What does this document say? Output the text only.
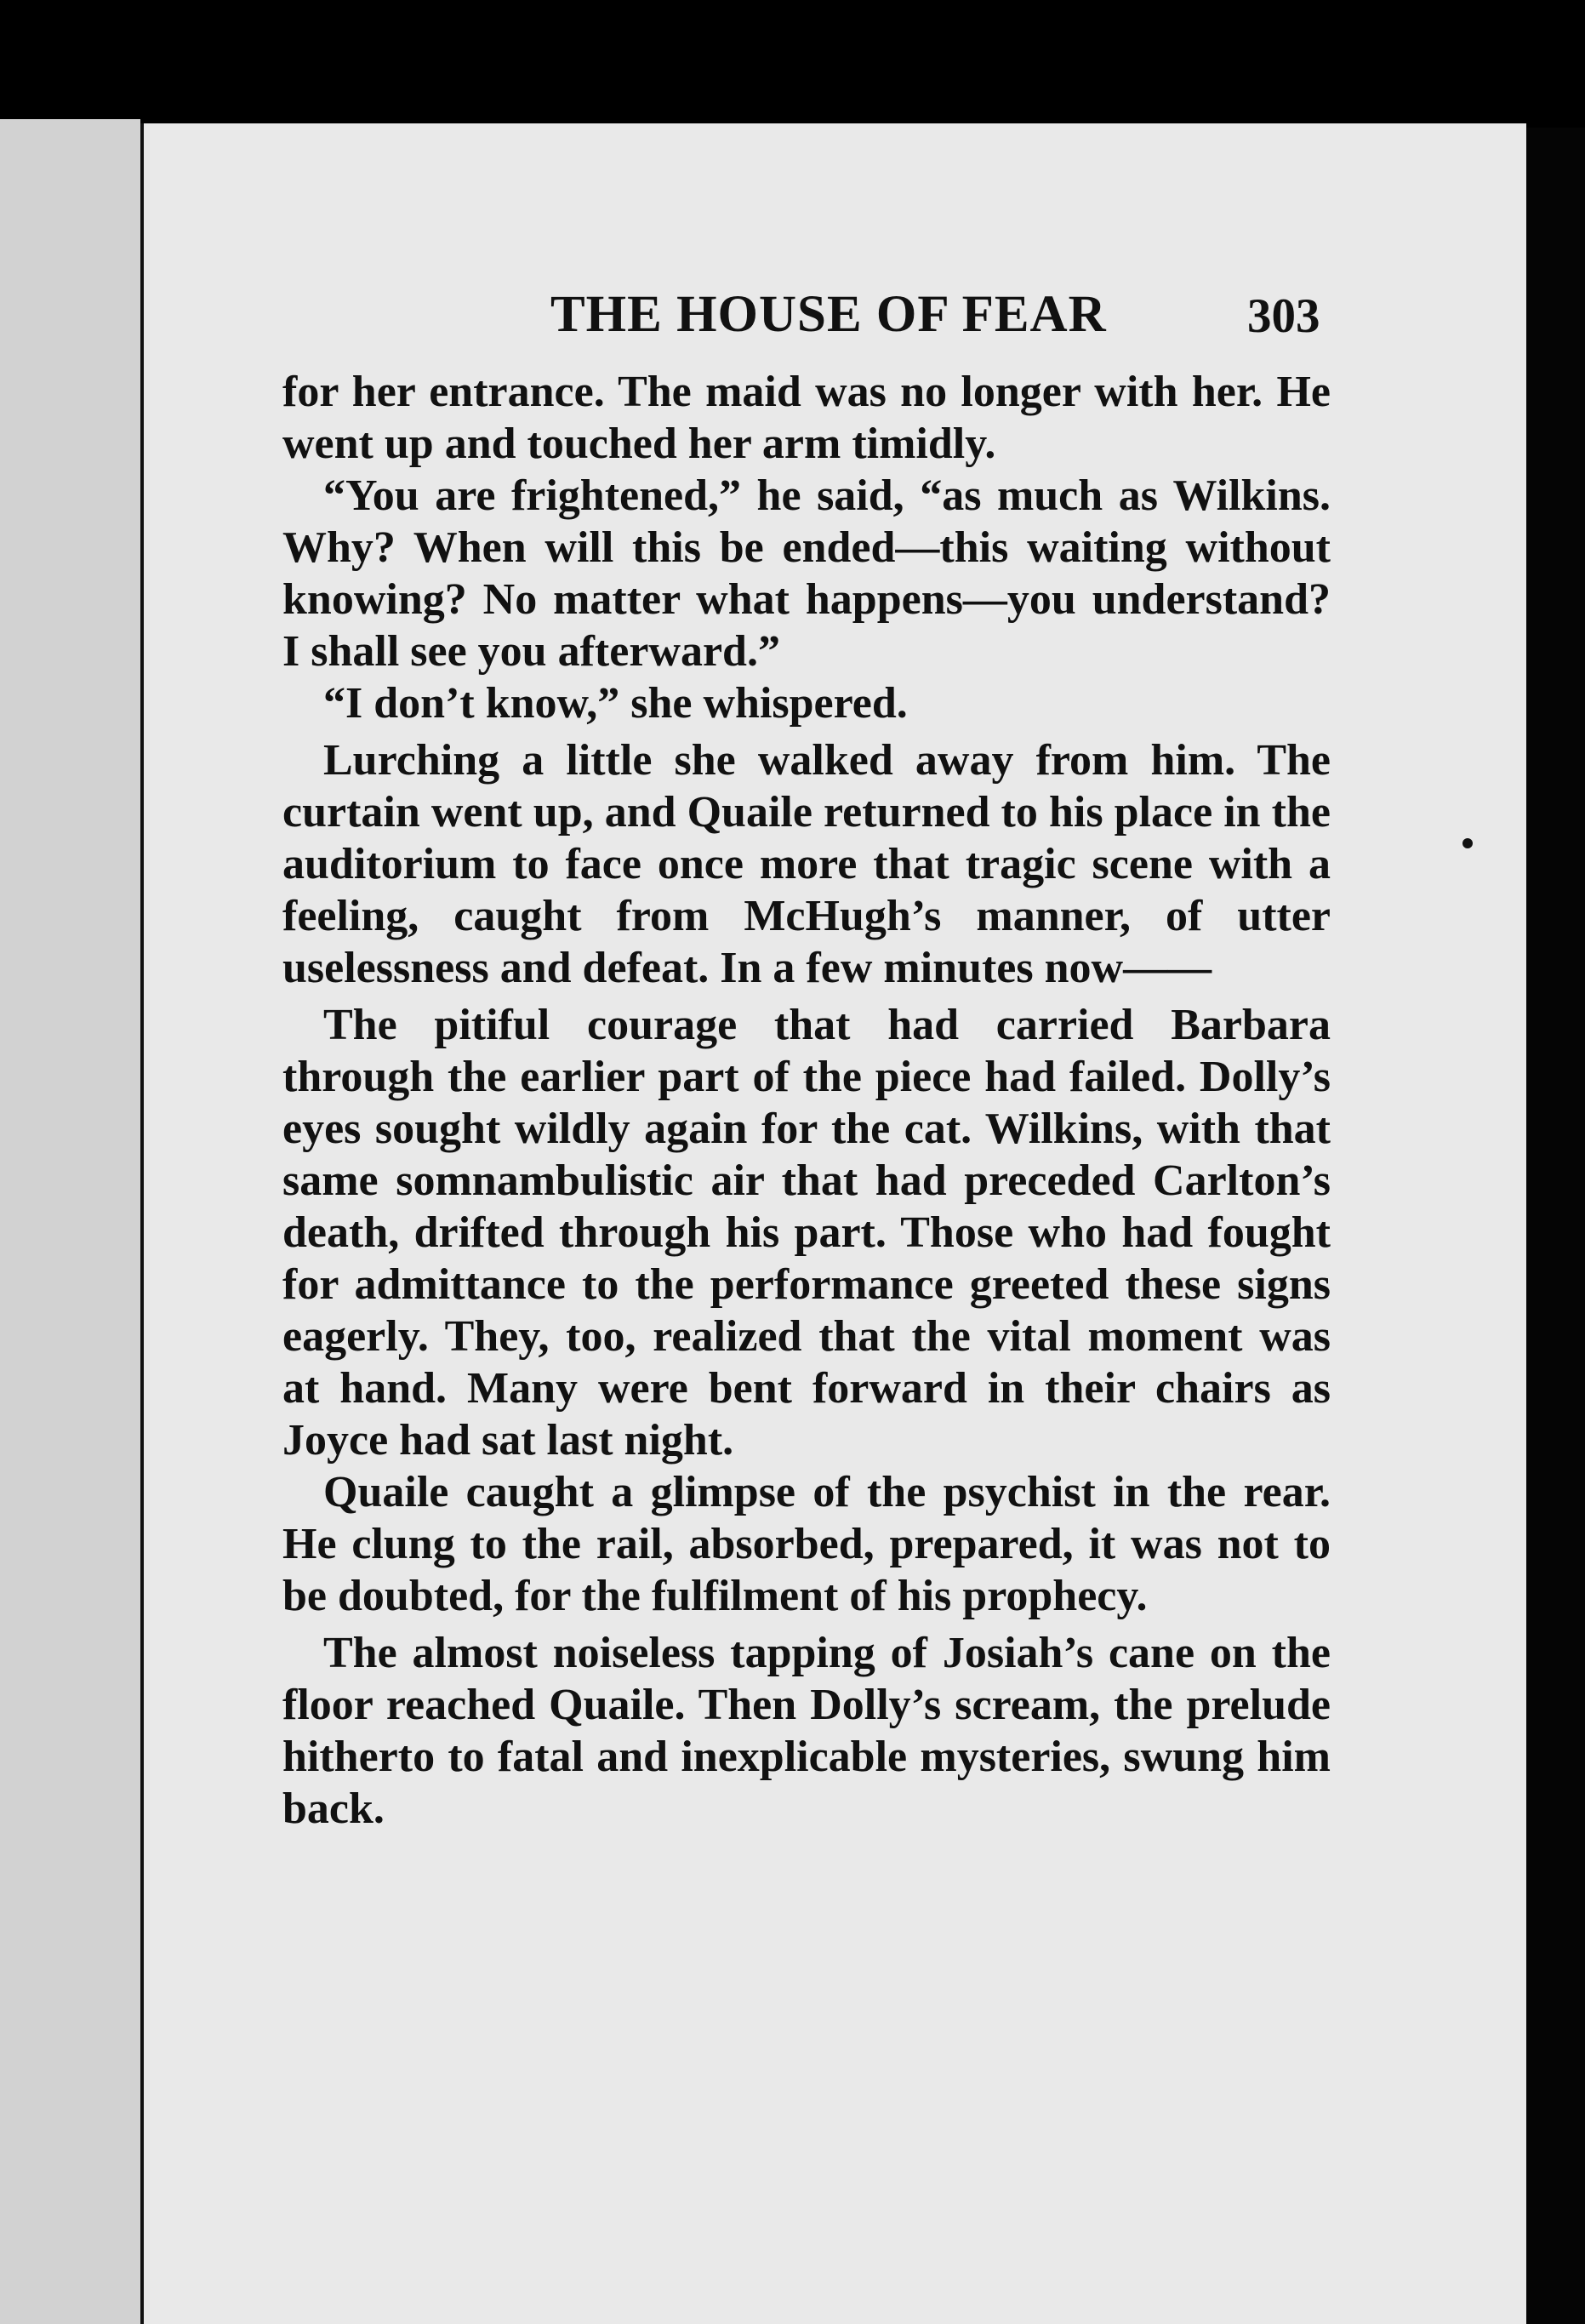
THE HOUSE OF FEAR	303

for her entrance. The maid was no longer with her. He went up and touched her arm timidly.

“You are frightened,” he said, “as much as Wilkins. Why? When will this be ended—this waiting without knowing? No matter what happens—you understand? I shall see you afterward.”

“I don’t know,” she whispered.

Lurching a little she walked away from him. The curtain went up, and Quaile returned to his place in the auditorium to face once more that tragic scene with a feeling, caught from McHugh’s manner, of utter uselessness and defeat. In a few minutes now——

The pitiful courage that had carried Barbara through the earlier part of the piece had failed. Dolly’s eyes sought wildly again for the cat. Wilkins, with that same somnambulistic air that had preceded Carlton’s death, drifted through his part. Those who had fought for admittance to the performance greeted these signs eagerly. They, too, realized that the vital moment was at hand. Many were bent forward in their chairs as Joyce had sat last night.

Quaile caught a glimpse of the psychist in the rear. He clung to the rail, absorbed, prepared, it was not to be doubted, for the fulfilment of his prophecy.

The almost noiseless tapping of Josiah’s cane on the floor reached Quaile. Then Dolly’s scream, the prelude hitherto to fatal and inexplicable mysteries, swung him back.
